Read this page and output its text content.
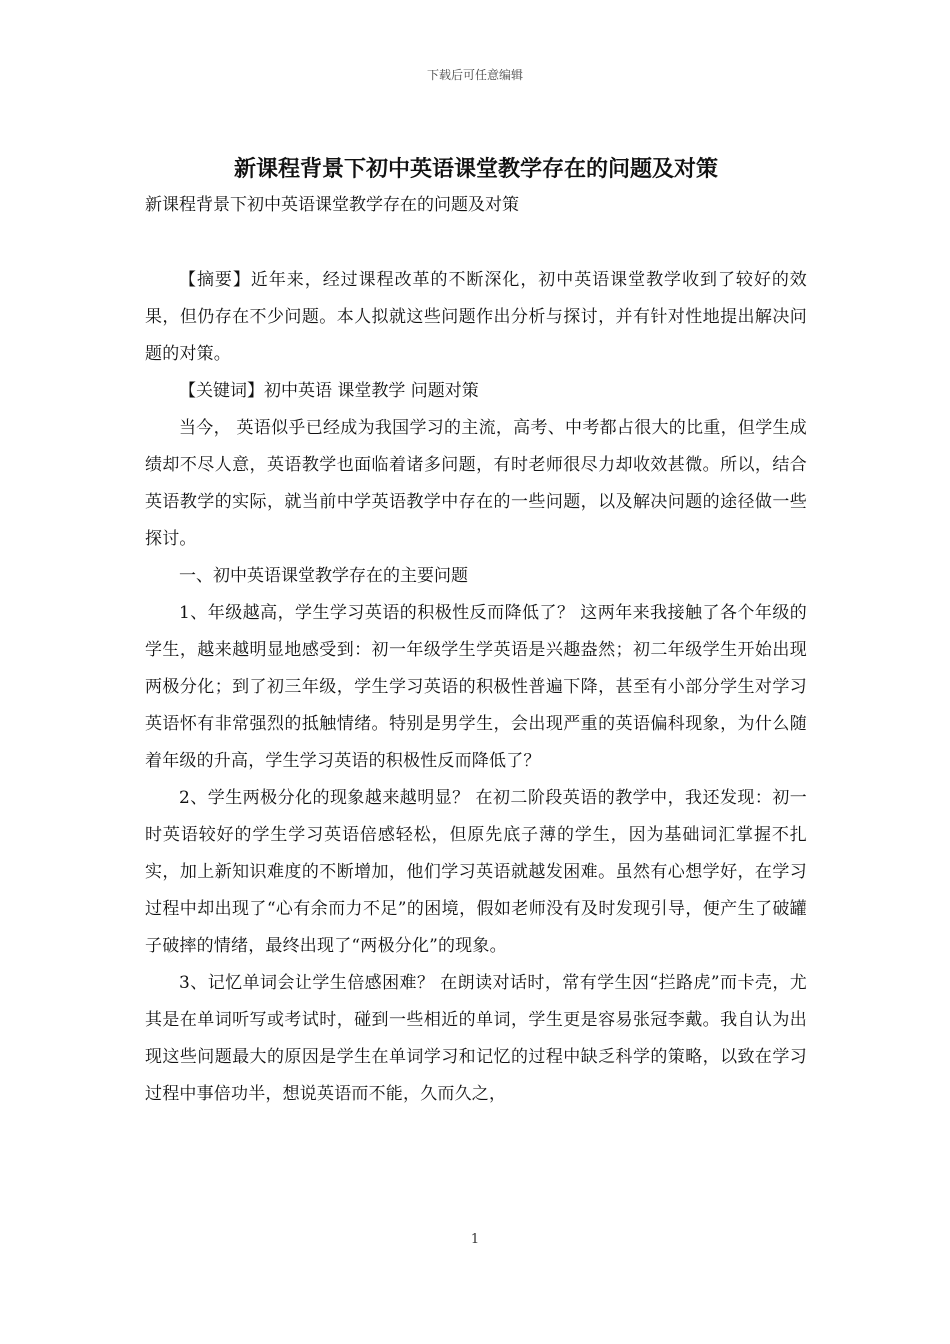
下载后可任意编辑
新课程背景下初中英语课堂教学存在的问题及对策

新课程背景下初中英语课堂教学存在的问题及对策

【摘要】近年来，经过课程改革的不断深化，初中英语课堂教学收到了较好的效果，但仍存在不少问题。本人拟就这些问题作出分析与探讨，并有针对性地提出解决问题的对策。

【关键词】初中英语 课堂教学 问题对策

当今， 英语似乎已经成为我国学习的主流，高考、中考都占很大的比重，但学生成绩却不尽人意，英语教学也面临着诸多问题，有时老师很尽力却收效甚微。所以，结合英语教学的实际，就当前中学英语教学中存在的一些问题，以及解决问题的途径做一些探讨。

一、初中英语课堂教学存在的主要问题

1、年级越高，学生学习英语的积极性反而降低了？ 这两年来我接触了各个年级的学生，越来越明显地感受到：初一年级学生学英语是兴趣盎然；初二年级学生开始出现两极分化；到了初三年级，学生学习英语的积极性普遍下降，甚至有小部分学生对学习英语怀有非常强烈的抵触情绪。特别是男学生，会出现严重的英语偏科现象，为什么随着年级的升高，学生学习英语的积极性反而降低了？

2、学生两极分化的现象越来越明显？ 在初二阶段英语的教学中，我还发现：初一时英语较好的学生学习英语倍感轻松，但原先底子薄的学生，因为基础词汇掌握不扎实，加上新知识难度的不断增加，他们学习英语就越发困难。虽然有心想学好，在学习过程中却出现了“心有余而力不足”的困境，假如老师没有及时发现引导，便产生了破罐子破摔的情绪，最终出现了“两极分化”的现象。

3、记忆单词会让学生倍感困难？ 在朗读对话时，常有学生因“拦路虎”而卡壳，尤其是在单词听写或考试时，碰到一些相近的单词，学生更是容易张冠李戴。我自认为出现这些问题最大的原因是学生在单词学习和记忆的过程中缺乏科学的策略，以致在学习过程中事倍功半，想说英语而不能，久而久之，

1
